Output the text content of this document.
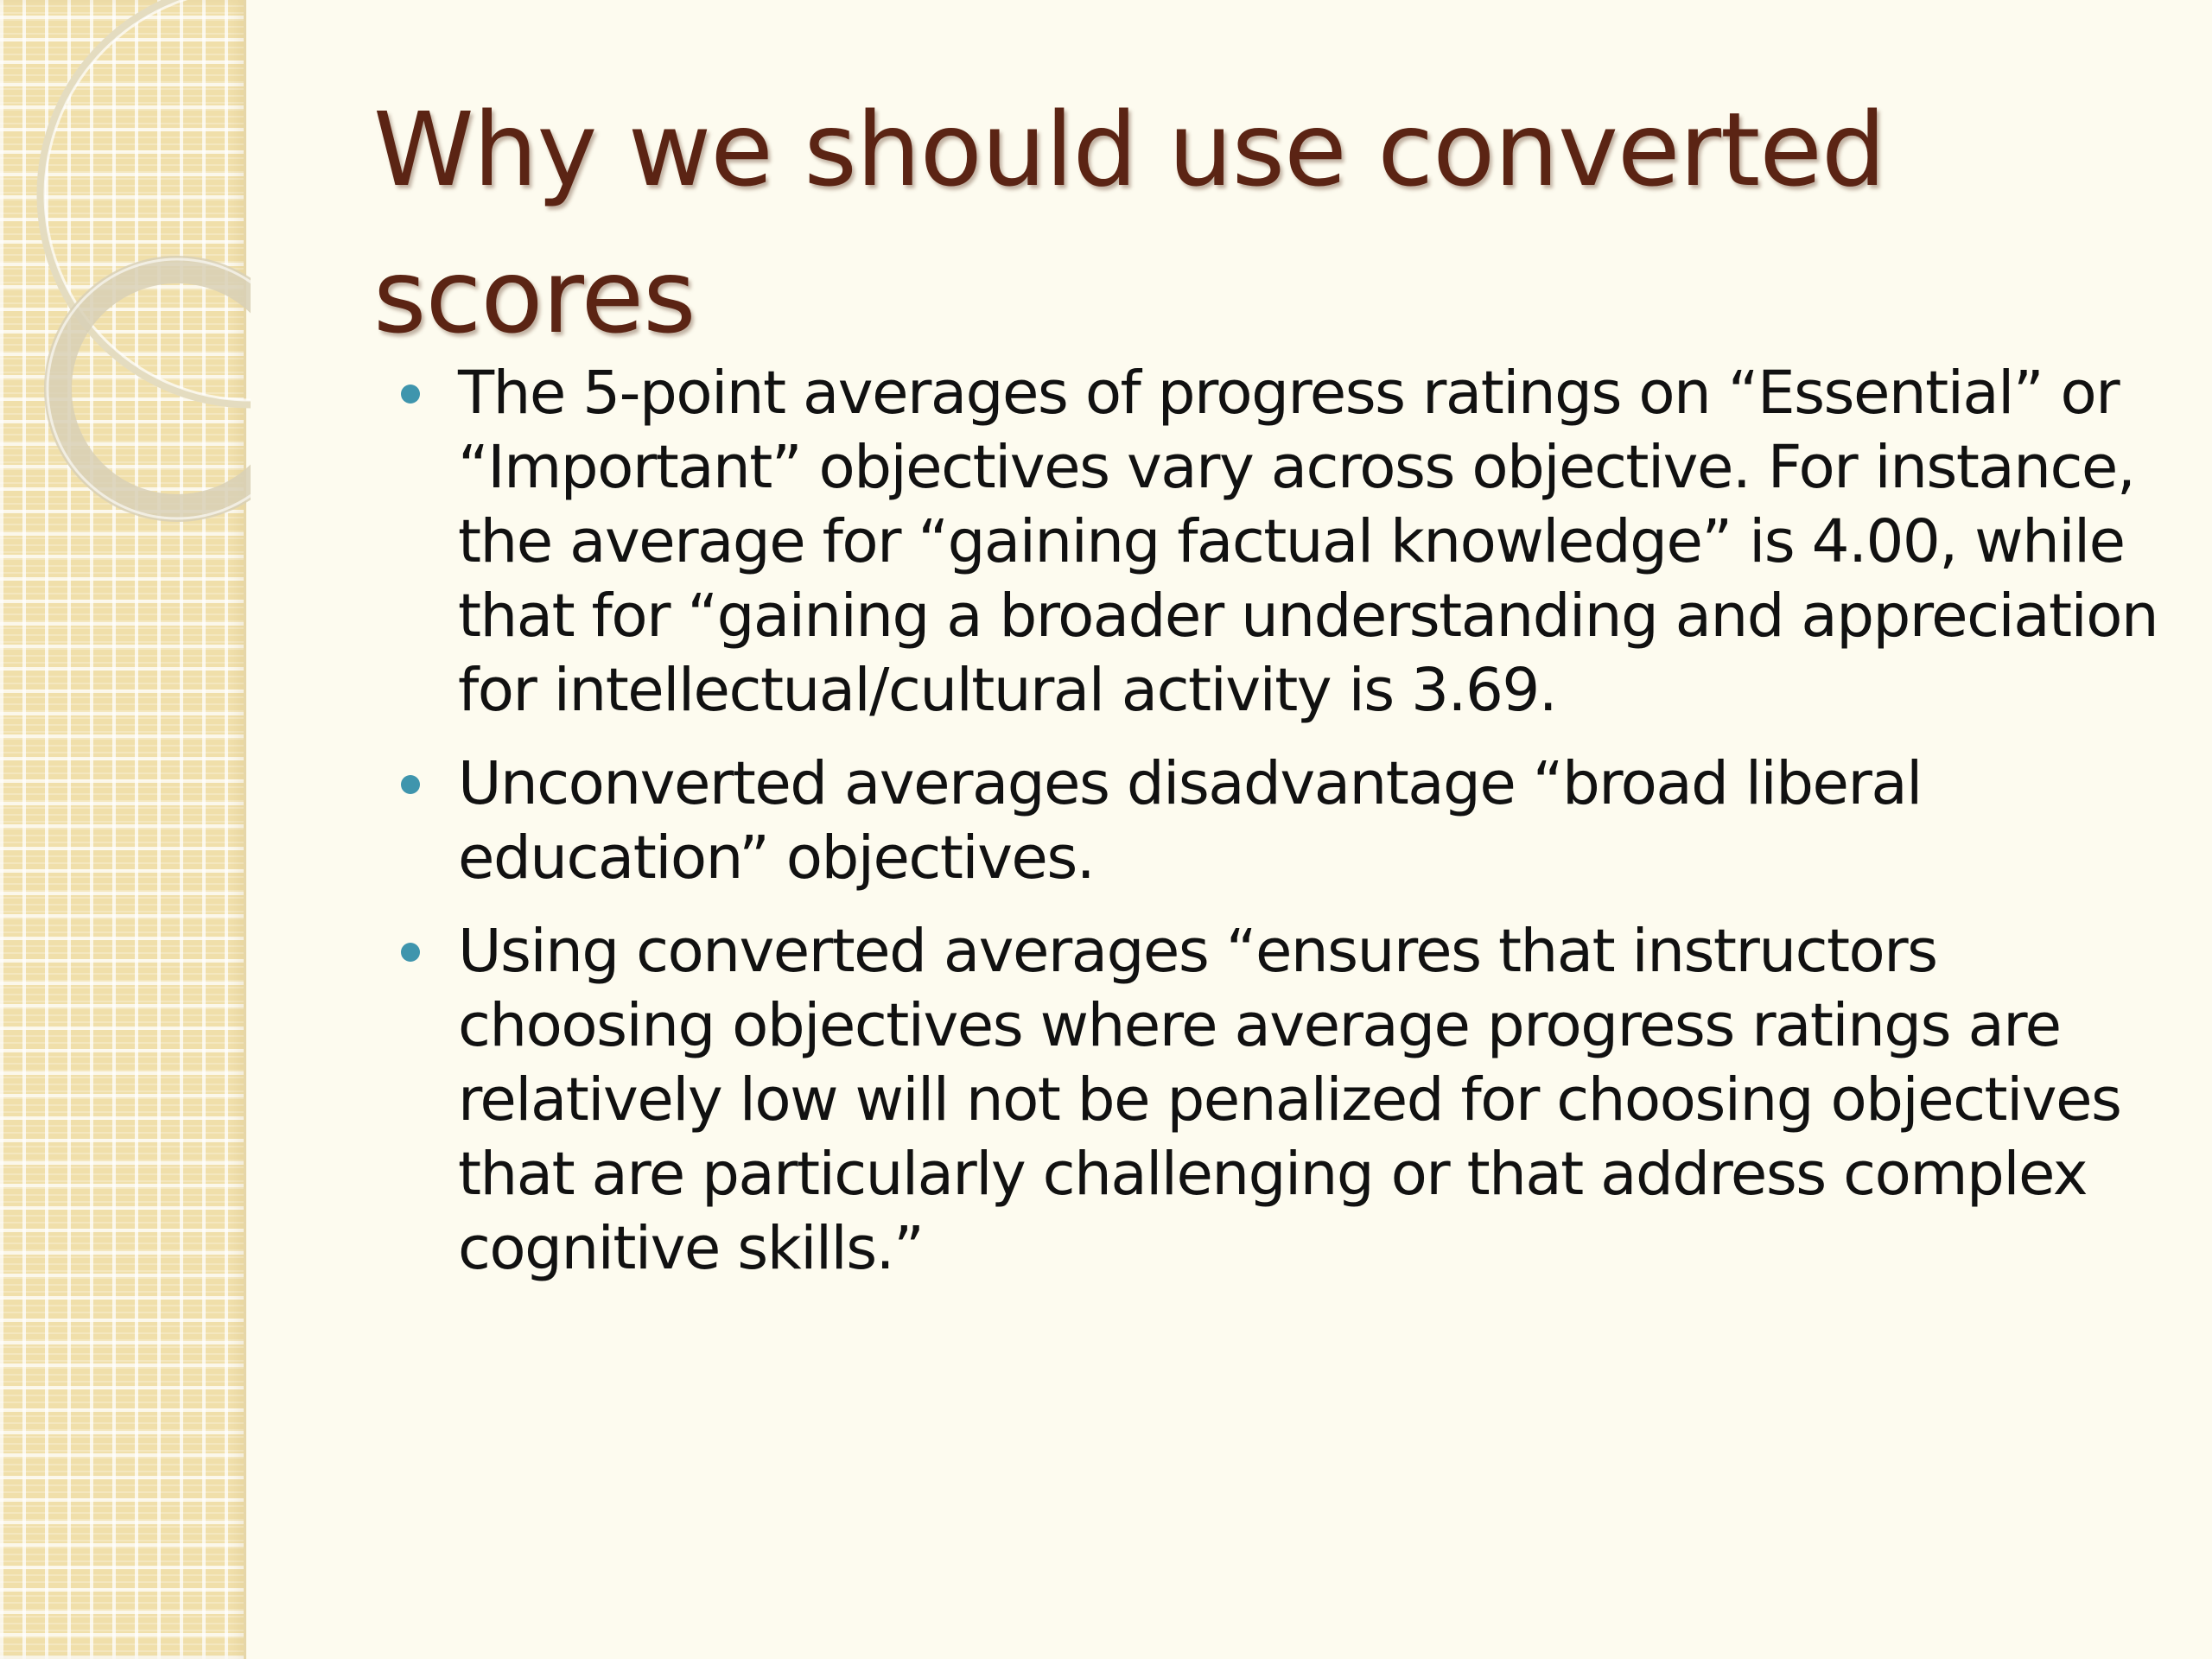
Why we should use converted scores
The 5-point averages of progress ratings on “Essential” or “Important” objectives vary across objective. For instance, the average for “gaining factual knowledge” is 4.00, while that for “gaining a broader understanding and appreciation for intellectual/cultural activity is 3.69.
Unconverted averages disadvantage “broad liberal education” objectives.
Using converted averages “ensures that instructors choosing objectives where average progress ratings are relatively low will not be penalized for choosing objectives that are particularly challenging or that address complex cognitive skills.”
